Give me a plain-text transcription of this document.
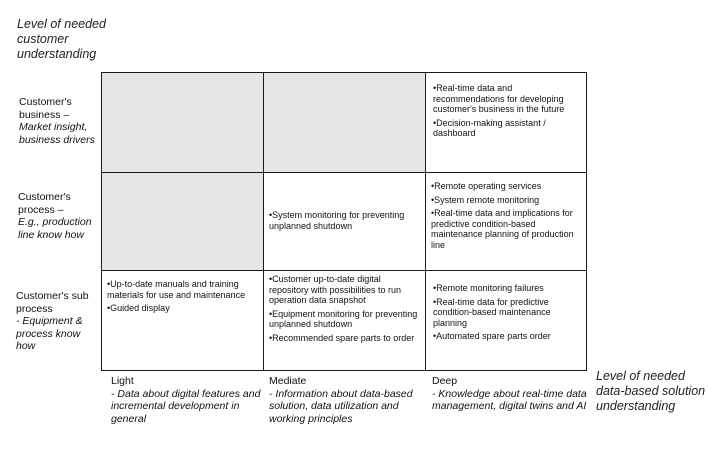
Level of needed customer understanding
Customer's business –
Market insight, business drivers
Customer's process –
E.g., production line know how
Customer's sub process
- Equipment & process know how
•Real-time data and recommendations for developing customer's business in the future
•Decision-making assistant / dashboard
•System monitoring for preventing unplanned shutdown
•Remote operating services
•System remote monitoring
•Real-time data and implications for predictive condition-based maintenance planning of production line
•Up-to-date manuals and training materials for use and maintenance
•Guided display
•Customer up-to-date digital repository with possibilities to run operation data snapshot
•Equipment monitoring for preventing unplanned shutdown
•Recommended spare parts to order
•Remote monitoring failures
•Real-time data for predictive condition-based maintenance planning
•Automated spare parts order
Light
- Data about digital features and incremental development in general
Mediate
- Information about data-based solution, data utilization and working principles
Deep
- Knowledge about real-time data management, digital twins and AI
Level of needed data-based solution understanding
